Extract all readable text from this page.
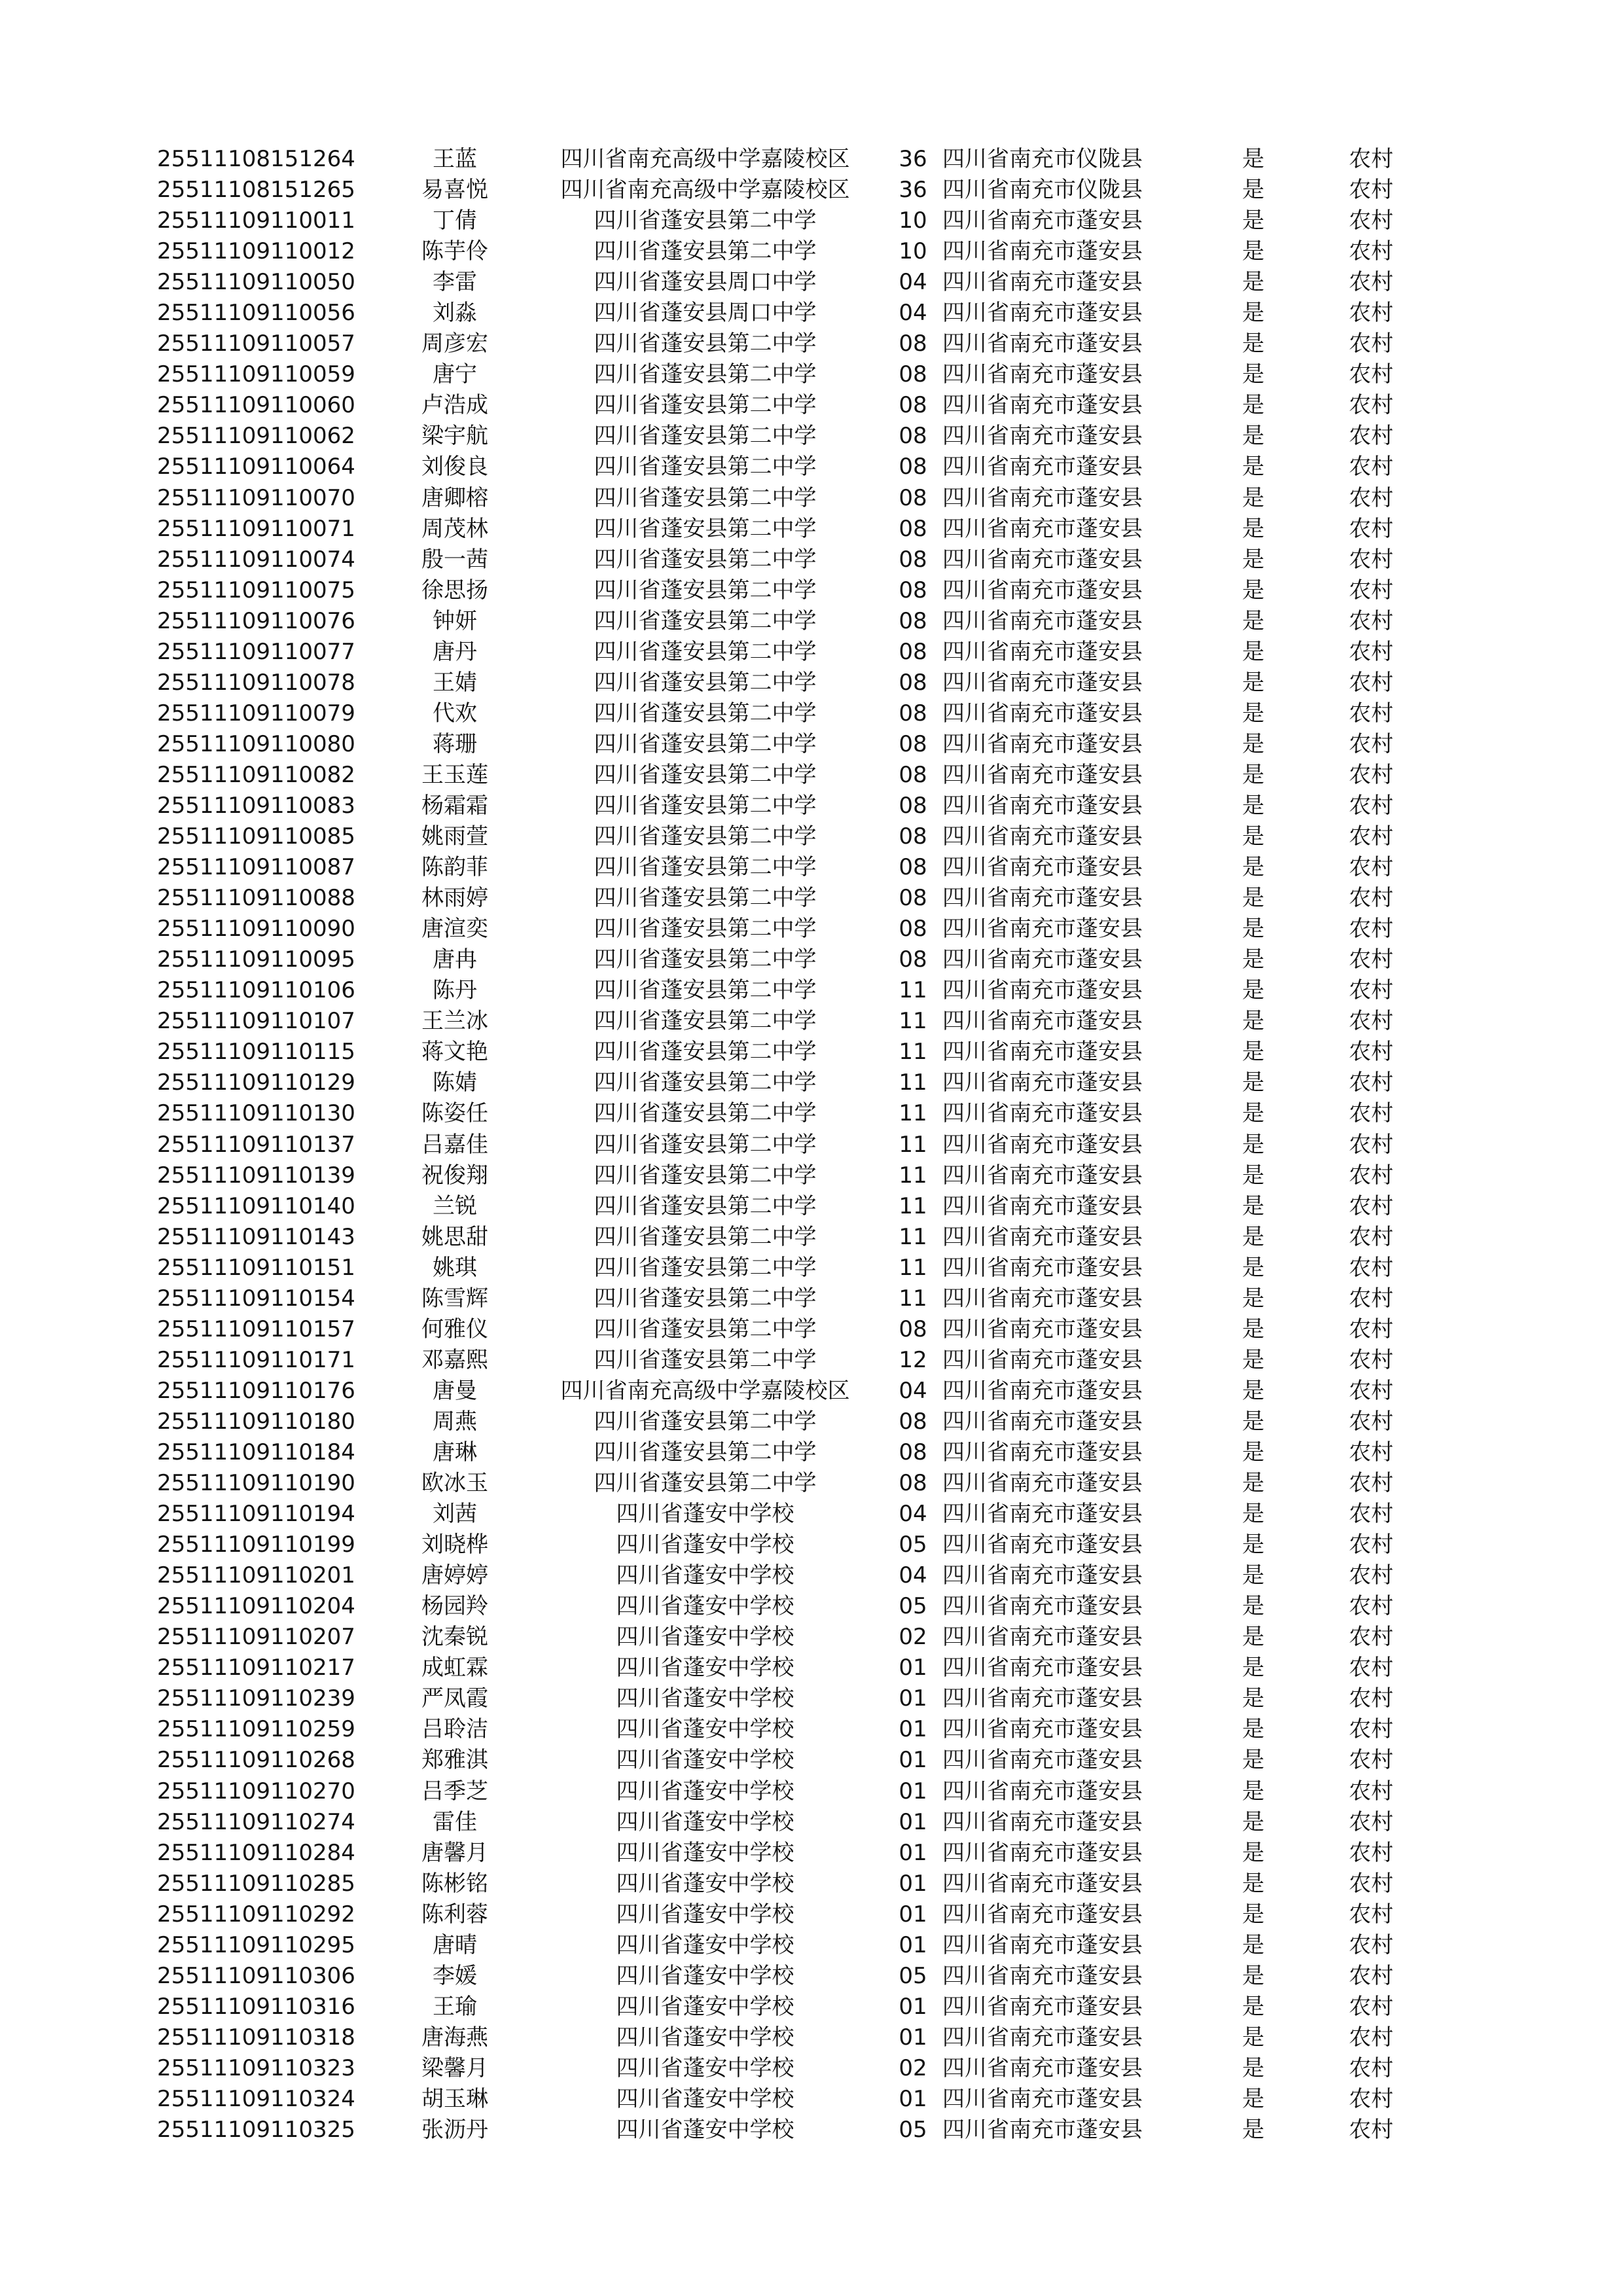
25511108151264	王蓝	四川省南充高级中学嘉陵校区	36	四川省南充市仪陇县	是	农村
25511108151265	易喜悦	四川省南充高级中学嘉陵校区	36	四川省南充市仪陇县	是	农村
25511109110011	丁倩	四川省蓬安县第二中学	10	四川省南充市蓬安县	是	农村
25511109110012	陈芋伶	四川省蓬安县第二中学	10	四川省南充市蓬安县	是	农村
25511109110050	李雷	四川省蓬安县周口中学	04	四川省南充市蓬安县	是	农村
25511109110056	刘淼	四川省蓬安县周口中学	04	四川省南充市蓬安县	是	农村
25511109110057	周彦宏	四川省蓬安县第二中学	08	四川省南充市蓬安县	是	农村
25511109110059	唐宁	四川省蓬安县第二中学	08	四川省南充市蓬安县	是	农村
25511109110060	卢浩成	四川省蓬安县第二中学	08	四川省南充市蓬安县	是	农村
25511109110062	梁宇航	四川省蓬安县第二中学	08	四川省南充市蓬安县	是	农村
25511109110064	刘俊良	四川省蓬安县第二中学	08	四川省南充市蓬安县	是	农村
25511109110070	唐卿榕	四川省蓬安县第二中学	08	四川省南充市蓬安县	是	农村
25511109110071	周茂林	四川省蓬安县第二中学	08	四川省南充市蓬安县	是	农村
25511109110074	殷一茜	四川省蓬安县第二中学	08	四川省南充市蓬安县	是	农村
25511109110075	徐思扬	四川省蓬安县第二中学	08	四川省南充市蓬安县	是	农村
25511109110076	钟妍	四川省蓬安县第二中学	08	四川省南充市蓬安县	是	农村
25511109110077	唐丹	四川省蓬安县第二中学	08	四川省南充市蓬安县	是	农村
25511109110078	王婧	四川省蓬安县第二中学	08	四川省南充市蓬安县	是	农村
25511109110079	代欢	四川省蓬安县第二中学	08	四川省南充市蓬安县	是	农村
25511109110080	蒋珊	四川省蓬安县第二中学	08	四川省南充市蓬安县	是	农村
25511109110082	王玉莲	四川省蓬安县第二中学	08	四川省南充市蓬安县	是	农村
25511109110083	杨霜霜	四川省蓬安县第二中学	08	四川省南充市蓬安县	是	农村
25511109110085	姚雨萱	四川省蓬安县第二中学	08	四川省南充市蓬安县	是	农村
25511109110087	陈韵菲	四川省蓬安县第二中学	08	四川省南充市蓬安县	是	农村
25511109110088	林雨婷	四川省蓬安县第二中学	08	四川省南充市蓬安县	是	农村
25511109110090	唐渲奕	四川省蓬安县第二中学	08	四川省南充市蓬安县	是	农村
25511109110095	唐冉	四川省蓬安县第二中学	08	四川省南充市蓬安县	是	农村
25511109110106	陈丹	四川省蓬安县第二中学	11	四川省南充市蓬安县	是	农村
25511109110107	王兰冰	四川省蓬安县第二中学	11	四川省南充市蓬安县	是	农村
25511109110115	蒋文艳	四川省蓬安县第二中学	11	四川省南充市蓬安县	是	农村
25511109110129	陈婧	四川省蓬安县第二中学	11	四川省南充市蓬安县	是	农村
25511109110130	陈姿任	四川省蓬安县第二中学	11	四川省南充市蓬安县	是	农村
25511109110137	吕嘉佳	四川省蓬安县第二中学	11	四川省南充市蓬安县	是	农村
25511109110139	祝俊翔	四川省蓬安县第二中学	11	四川省南充市蓬安县	是	农村
25511109110140	兰锐	四川省蓬安县第二中学	11	四川省南充市蓬安县	是	农村
25511109110143	姚思甜	四川省蓬安县第二中学	11	四川省南充市蓬安县	是	农村
25511109110151	姚琪	四川省蓬安县第二中学	11	四川省南充市蓬安县	是	农村
25511109110154	陈雪辉	四川省蓬安县第二中学	11	四川省南充市蓬安县	是	农村
25511109110157	何雅仪	四川省蓬安县第二中学	08	四川省南充市蓬安县	是	农村
25511109110171	邓嘉熙	四川省蓬安县第二中学	12	四川省南充市蓬安县	是	农村
25511109110176	唐曼	四川省南充高级中学嘉陵校区	04	四川省南充市蓬安县	是	农村
25511109110180	周燕	四川省蓬安县第二中学	08	四川省南充市蓬安县	是	农村
25511109110184	唐琳	四川省蓬安县第二中学	08	四川省南充市蓬安县	是	农村
25511109110190	欧冰玉	四川省蓬安县第二中学	08	四川省南充市蓬安县	是	农村
25511109110194	刘茜	四川省蓬安中学校	04	四川省南充市蓬安县	是	农村
25511109110199	刘晓桦	四川省蓬安中学校	05	四川省南充市蓬安县	是	农村
25511109110201	唐婷婷	四川省蓬安中学校	04	四川省南充市蓬安县	是	农村
25511109110204	杨园羚	四川省蓬安中学校	05	四川省南充市蓬安县	是	农村
25511109110207	沈秦锐	四川省蓬安中学校	02	四川省南充市蓬安县	是	农村
25511109110217	成虹霖	四川省蓬安中学校	01	四川省南充市蓬安县	是	农村
25511109110239	严凤霞	四川省蓬安中学校	01	四川省南充市蓬安县	是	农村
25511109110259	吕聆洁	四川省蓬安中学校	01	四川省南充市蓬安县	是	农村
25511109110268	郑雅淇	四川省蓬安中学校	01	四川省南充市蓬安县	是	农村
25511109110270	吕季芝	四川省蓬安中学校	01	四川省南充市蓬安县	是	农村
25511109110274	雷佳	四川省蓬安中学校	01	四川省南充市蓬安县	是	农村
25511109110284	唐馨月	四川省蓬安中学校	01	四川省南充市蓬安县	是	农村
25511109110285	陈彬铭	四川省蓬安中学校	01	四川省南充市蓬安县	是	农村
25511109110292	陈利蓉	四川省蓬安中学校	01	四川省南充市蓬安县	是	农村
25511109110295	唐晴	四川省蓬安中学校	01	四川省南充市蓬安县	是	农村
25511109110306	李媛	四川省蓬安中学校	05	四川省南充市蓬安县	是	农村
25511109110316	王瑜	四川省蓬安中学校	01	四川省南充市蓬安县	是	农村
25511109110318	唐海燕	四川省蓬安中学校	01	四川省南充市蓬安县	是	农村
25511109110323	梁馨月	四川省蓬安中学校	02	四川省南充市蓬安县	是	农村
25511109110324	胡玉琳	四川省蓬安中学校	01	四川省南充市蓬安县	是	农村
25511109110325	张沥丹	四川省蓬安中学校	05	四川省南充市蓬安县	是	农村
